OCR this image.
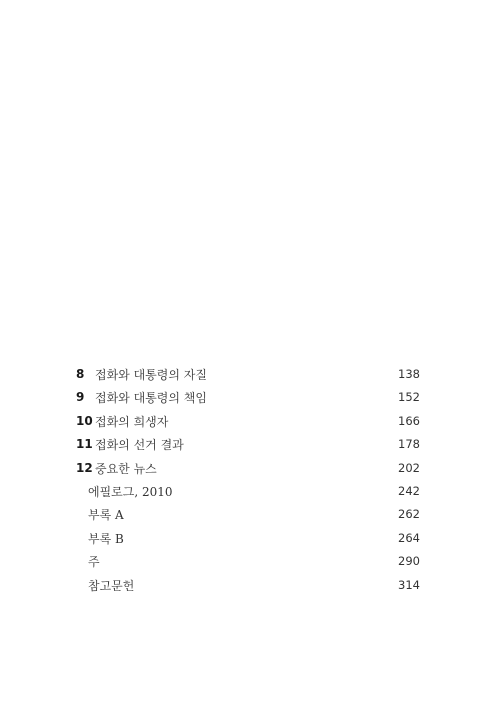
8 접화와 대통령의 자질	138
9 접화와 대통령의 책임	152
10 접화의 희생자	166
11 접화의 선거 결과	178
12 중요한 뉴스	202
에필로그, 2010	242
부록 A	262
부록 B	264
주	290
참고문헌	314
